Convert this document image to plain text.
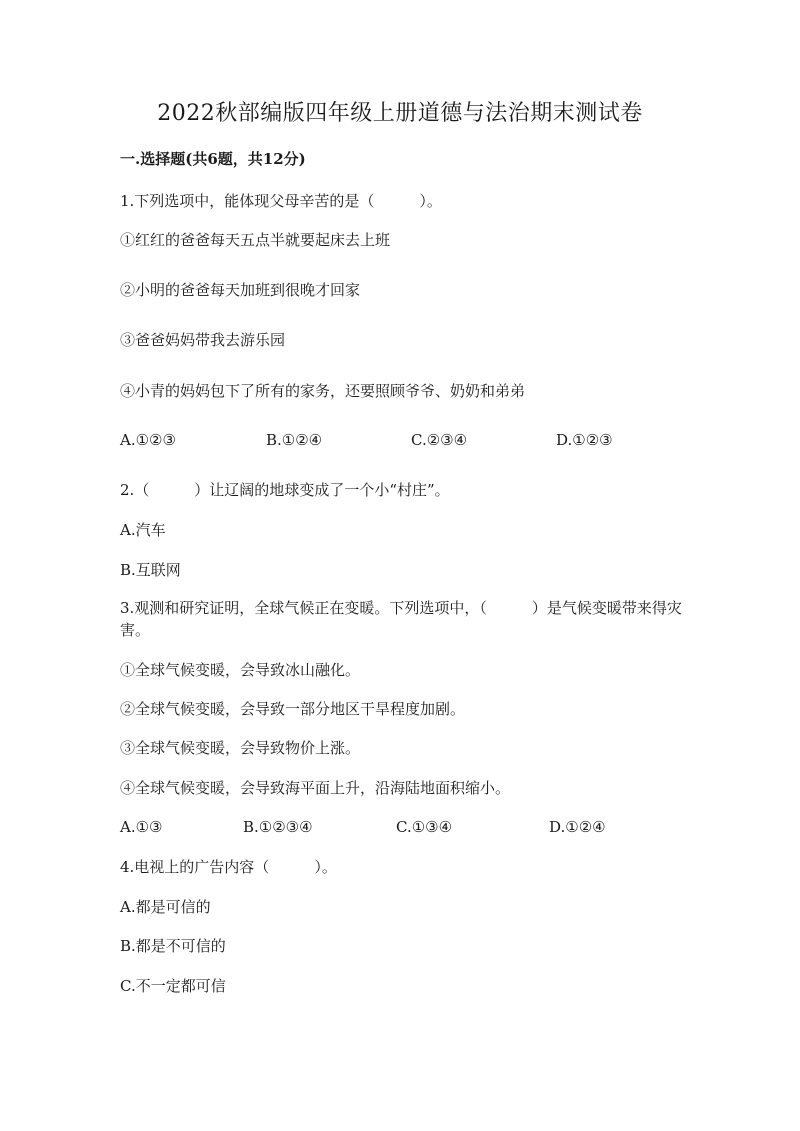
2022秋部编版四年级上册道德与法治期末测试卷
一.选择题(共6题，共12分)
1.下列选项中，能体现父母辛苦的是（　　　）。
①红红的爸爸每天五点半就要起床去上班
②小明的爸爸每天加班到很晚才回家
③爸爸妈妈带我去游乐园
④小青的妈妈包下了所有的家务，还要照顾爷爷、奶奶和弟弟
A.①②③	B.①②④	C.②③④	D.①②③
2.（　　　）让辽阔的地球变成了一个小“村庄”。
A.汽车
B.互联网
3.观测和研究证明，全球气候正在变暖。下列选项中，（　　　）是气候变暖带来得灾害。
①全球气候变暖，会导致冰山融化。
②全球气候变暖，会导致一部分地区干旱程度加剧。
③全球气候变暖，会导致物价上涨。
④全球气候变暖，会导致海平面上升，沿海陆地面积缩小。
A.①③	B.①②③④	C.①③④	D.①②④
4.电视上的广告内容（　　　）。
A.都是可信的
B.都是不可信的
C.不一定都可信
